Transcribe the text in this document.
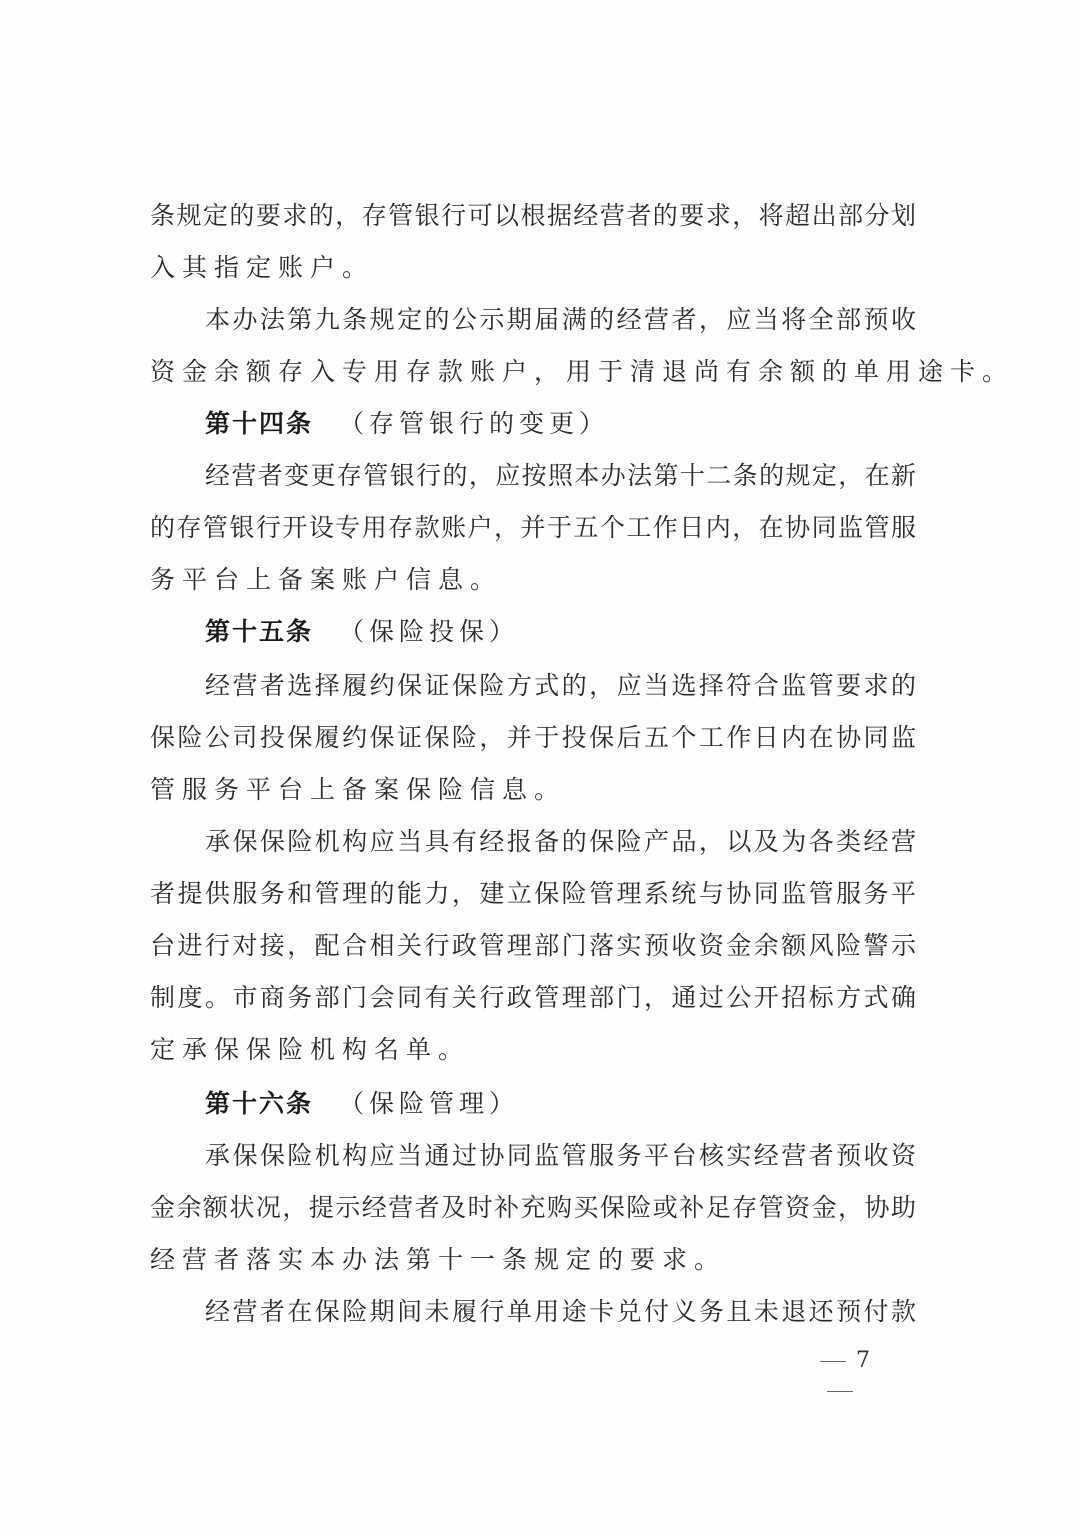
条规定的要求的，存管银行可以根据经营者的要求，将超出部分划
入其指定账户。
本办法第九条规定的公示期届满的经营者，应当将全部预收
资金余额存入专用存款账户，用于清退尚有余额的单用途卡。
第十四条 （存管银行的变更）
经营者变更存管银行的，应按照本办法第十二条的规定，在新
的存管银行开设专用存款账户，并于五个工作日内，在协同监管服
务平台上备案账户信息。
第十五条 （保险投保）
经营者选择履约保证保险方式的，应当选择符合监管要求的
保险公司投保履约保证保险，并于投保后五个工作日内在协同监
管服务平台上备案保险信息。
承保保险机构应当具有经报备的保险产品，以及为各类经营
者提供服务和管理的能力，建立保险管理系统与协同监管服务平
台进行对接，配合相关行政管理部门落实预收资金余额风险警示
制度。市商务部门会同有关行政管理部门，通过公开招标方式确
定承保保险机构名单。
第十六条 （保险管理）
承保保险机构应当通过协同监管服务平台核实经营者预收资
金余额状况，提示经营者及时补充购买保险或补足存管资金，协助
经营者落实本办法第十一条规定的要求。
经营者在保险期间未履行单用途卡兑付义务且未退还预付款
7
